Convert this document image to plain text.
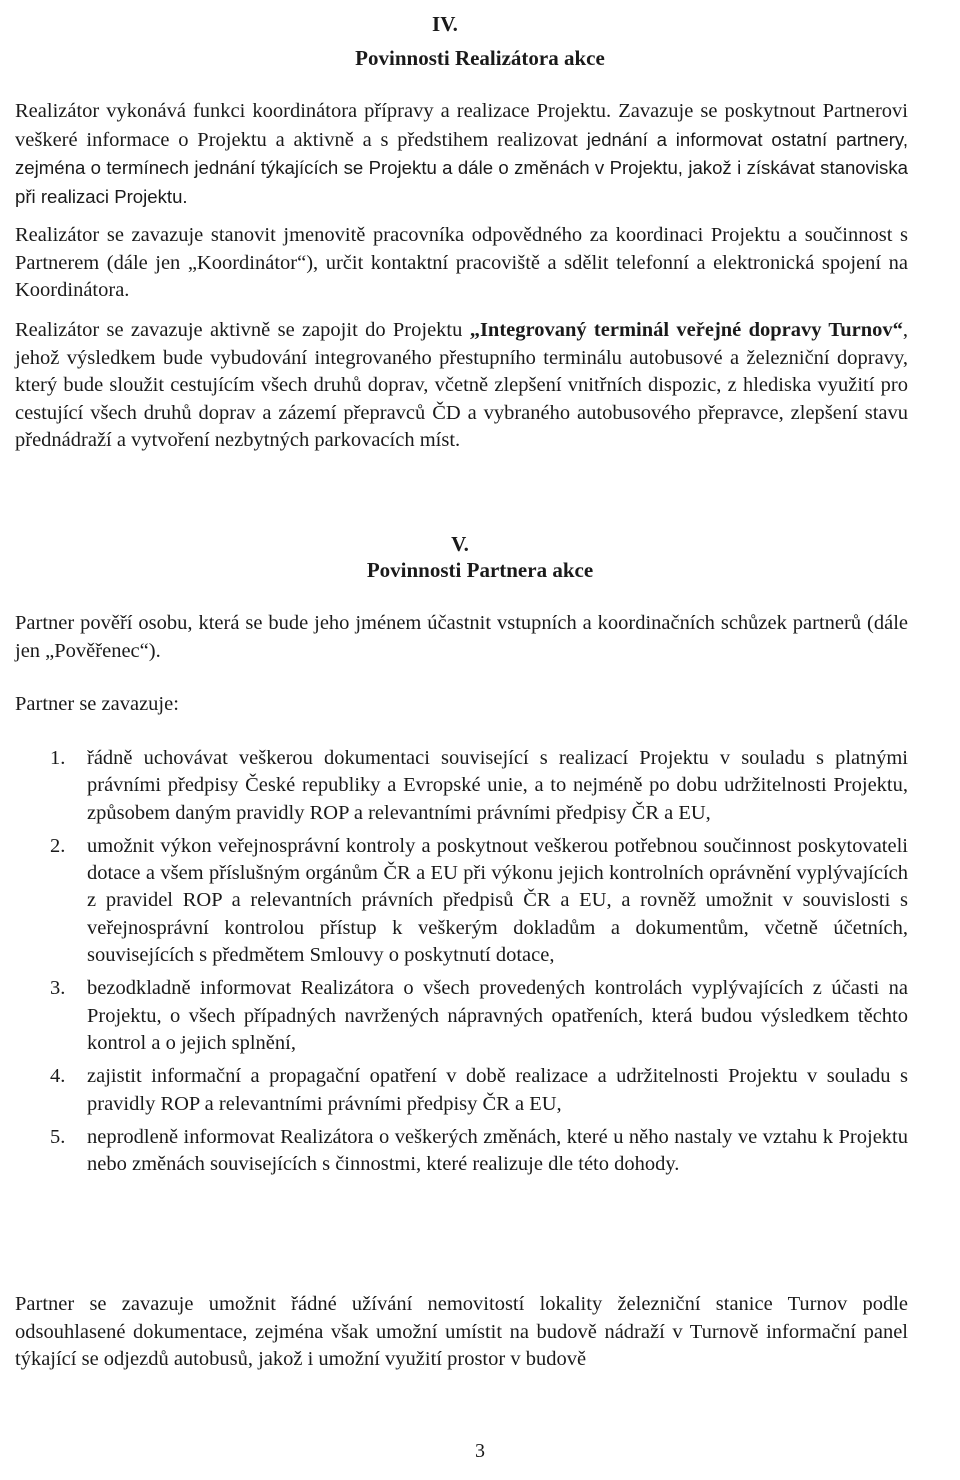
IV.
Povinnosti Realizátora akce

Realizátor vykonává funkci koordinátora přípravy a realizace Projektu. Zavazuje se poskytnout Partnerovi veškeré informace o Projektu a aktivně a s předstihem realizovat jednání a informovat ostatní partnery, zejména o termínech jednání týkajících se Projektu a dále o změnách v Projektu, jakož i získávat stanoviska při realizaci Projektu.

Realizátor se zavazuje stanovit jmenovitě pracovníka odpovědného za koordinaci Projektu a součinnost s Partnerem (dále jen „Koordinátor“), určit kontaktní pracoviště a sdělit telefonní a elektronická spojení na Koordinátora.

Realizátor se zavazuje aktivně se zapojit do Projektu „Integrovaný terminál veřejné dopravy Turnov“, jehož výsledkem bude vybudování integrovaného přestupního terminálu autobusové a železniční dopravy, který bude sloužit cestujícím všech druhů doprav, včetně zlepšení vnitřních dispozic, z hlediska využití pro cestující všech druhů doprav a zázemí přepravců ČD a vybraného autobusového přepravce, zlepšení stavu přednádraží a vytvoření nezbytných parkovacích míst.

V.
Povinnosti Partnera akce

Partner pověří osobu, která se bude jeho jménem účastnit vstupních a koordinačních schůzek partnerů (dále jen „Pověřenec“).

Partner se zavazuje:

1. řádně uchovávat veškerou dokumentaci související s realizací Projektu v souladu s platnými právními předpisy České republiky a Evropské unie, a to nejméně po dobu udržitelnosti Projektu, způsobem daným pravidly ROP a relevantními právními předpisy ČR a EU,
2. umožnit výkon veřejnosprávní kontroly a poskytnout veškerou potřebnou součinnost poskytovateli dotace a všem příslušným orgánům ČR a EU při výkonu jejich kontrolních oprávnění vyplývajících z pravidel ROP a relevantních právních předpisů ČR a EU, a rovněž umožnit v souvislosti s veřejnosprávní kontrolou přístup k veškerým dokladům a dokumentům, včetně účetních, souvisejících s předmětem Smlouvy o poskytnutí dotace,
3. bezodkladně informovat Realizátora o všech provedených kontrolách vyplývajících z účasti na Projektu, o všech případných navržených nápravných opatřeních, která budou výsledkem těchto kontrol a o jejich splnění,
4. zajistit informační a propagační opatření v době realizace a udržitelnosti Projektu v souladu s pravidly ROP a relevantními právními předpisy ČR a EU,
5. neprodleně informovat Realizátora o veškerých změnách, které u něho nastaly ve vztahu k Projektu nebo změnách souvisejících s činnostmi, které realizuje dle této dohody.

Partner se zavazuje umožnit řádné užívání nemovitostí lokality železniční stanice Turnov podle odsouhlasené dokumentace, zejména však umožní umístit na budově nádraží v Turnově informační panel týkající se odjezdů autobusů, jakož i umožní využití prostor v budově

3
